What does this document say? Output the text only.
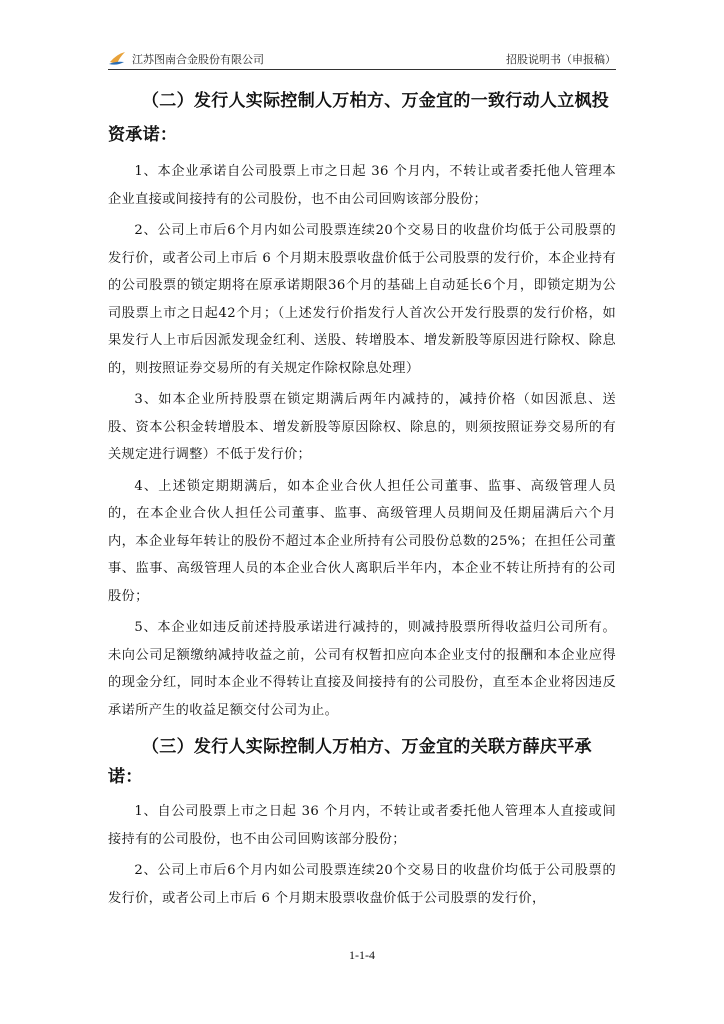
江苏图南合金股份有限公司	招股说明书（申报稿）

（二）发行人实际控制人万柏方、万金宜的一致行动人立枫投资承诺：

1、本企业承诺自公司股票上市之日起 36 个月内，不转让或者委托他人管理本企业直接或间接持有的公司股份，也不由公司回购该部分股份；

2、公司上市后6个月内如公司股票连续20个交易日的收盘价均低于公司股票的发行价，或者公司上市后 6 个月期末股票收盘价低于公司股票的发行价，本企业持有的公司股票的锁定期将在原承诺期限36个月的基础上自动延长6个月，即锁定期为公司股票上市之日起42个月；（上述发行价指发行人首次公开发行股票的发行价格，如果发行人上市后因派发现金红利、送股、转增股本、增发新股等原因进行除权、除息的，则按照证券交易所的有关规定作除权除息处理）

3、如本企业所持股票在锁定期满后两年内减持的，减持价格（如因派息、送股、资本公积金转增股本、增发新股等原因除权、除息的，则须按照证券交易所的有关规定进行调整）不低于发行价；

4、上述锁定期期满后，如本企业合伙人担任公司董事、监事、高级管理人员的，在本企业合伙人担任公司董事、监事、高级管理人员期间及任期届满后六个月内，本企业每年转让的股份不超过本企业所持有公司股份总数的25%；在担任公司董事、监事、高级管理人员的本企业合伙人离职后半年内，本企业不转让所持有的公司股份；

5、本企业如违反前述持股承诺进行减持的，则减持股票所得收益归公司所有。未向公司足额缴纳减持收益之前，公司有权暂扣应向本企业支付的报酬和本企业应得的现金分红，同时本企业不得转让直接及间接持有的公司股份，直至本企业将因违反承诺所产生的收益足额交付公司为止。

（三）发行人实际控制人万柏方、万金宜的关联方薛庆平承诺：

1、自公司股票上市之日起 36 个月内，不转让或者委托他人管理本人直接或间接持有的公司股份，也不由公司回购该部分股份；

2、公司上市后6个月内如公司股票连续20个交易日的收盘价均低于公司股票的发行价，或者公司上市后 6 个月期末股票收盘价低于公司股票的发行价，

1-1-4
